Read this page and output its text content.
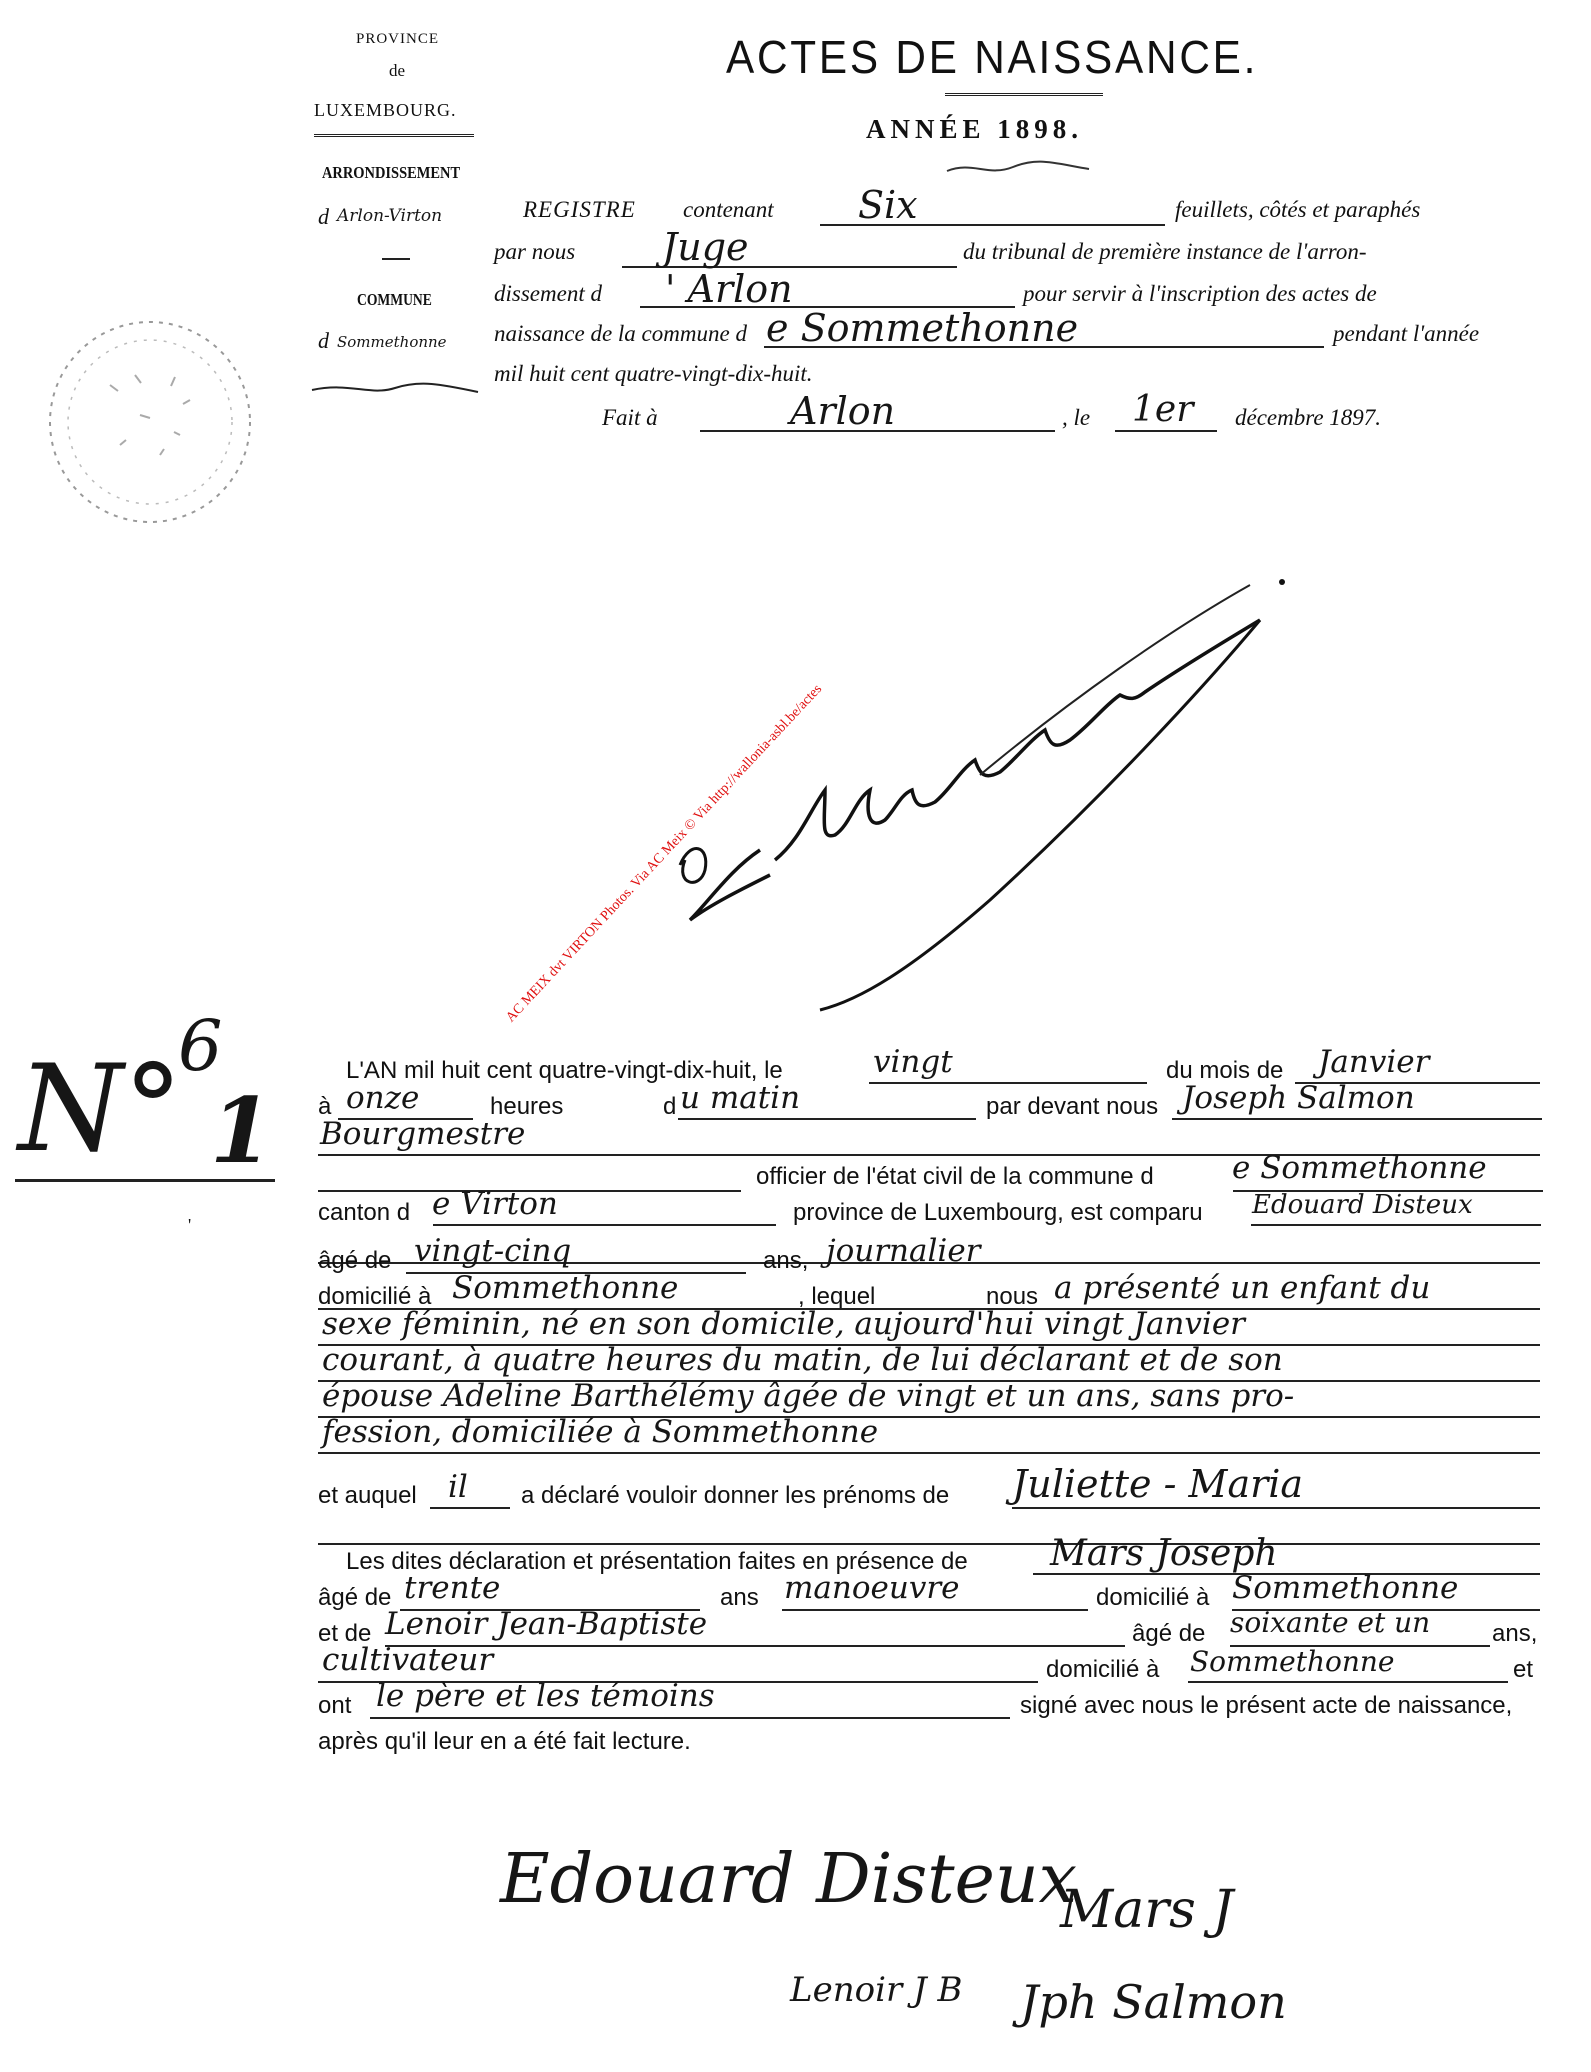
PROVINCE
de
LUXEMBOURG.
ARRONDISSEMENT
d Arlon-Virton
COMMUNE
d Sommethonne
ACTES DE NAISSANCE.
ANNÉE 1898.
REGISTRE contenant Six	feuillets, côtés et paraphés
par nous Juge	du tribunal de première instance de l'arron-
dissement d ' Arlon	pour servir à l'inscription des actes de
naissance de la commune d e Sommethonne	pendant l'année
mil huit cent quatre-vingt-dix-huit.
Fait à	Arlon	, le 1er décembre 1897.
AC MEIX dvt VIRTON Photos. Via AC Meix © Via http://wallonia-asbl.be/actes
N°
6
1
'
L'AN mil huit cent quatre-vingt-dix-huit, le	vingt	du mois de Janvier
à onze	heures	d u matin	par devant nous Joseph Salmon
Bourgmestre
officier de l'état civil de la commune d	e Sommethonne
canton d e Virton	province de Luxembourg, est comparu Edouard Disteux
âgé de vingt-cinq	ans, journalier
domicilié à Sommethonne	, lequel	nous a présenté un enfant du
sexe féminin, né en son domicile, aujourd'hui vingt Janvier
courant, à quatre heures du matin, de lui déclarant et de son
épouse Adeline Barthélémy âgée de vingt et un ans, sans pro-
fession, domiciliée à Sommethonne
et auquel il a déclaré vouloir donner les prénoms de Juliette - Maria
Les dites déclaration et présentation faites en présence de Mars Joseph
âgé de trente	ans manoeuvre	domicilié à Sommethonne
et de Lenoir Jean-Baptiste	âgé de soixante et un	ans,
cultivateur	domicilié à Sommethonne	et
ont le père et les témoins	signé avec nous le présent acte de naissance,
après qu'il leur en a été fait lecture.
Edouard Disteux
Mars J
Lenoir J B Jph Salmon
